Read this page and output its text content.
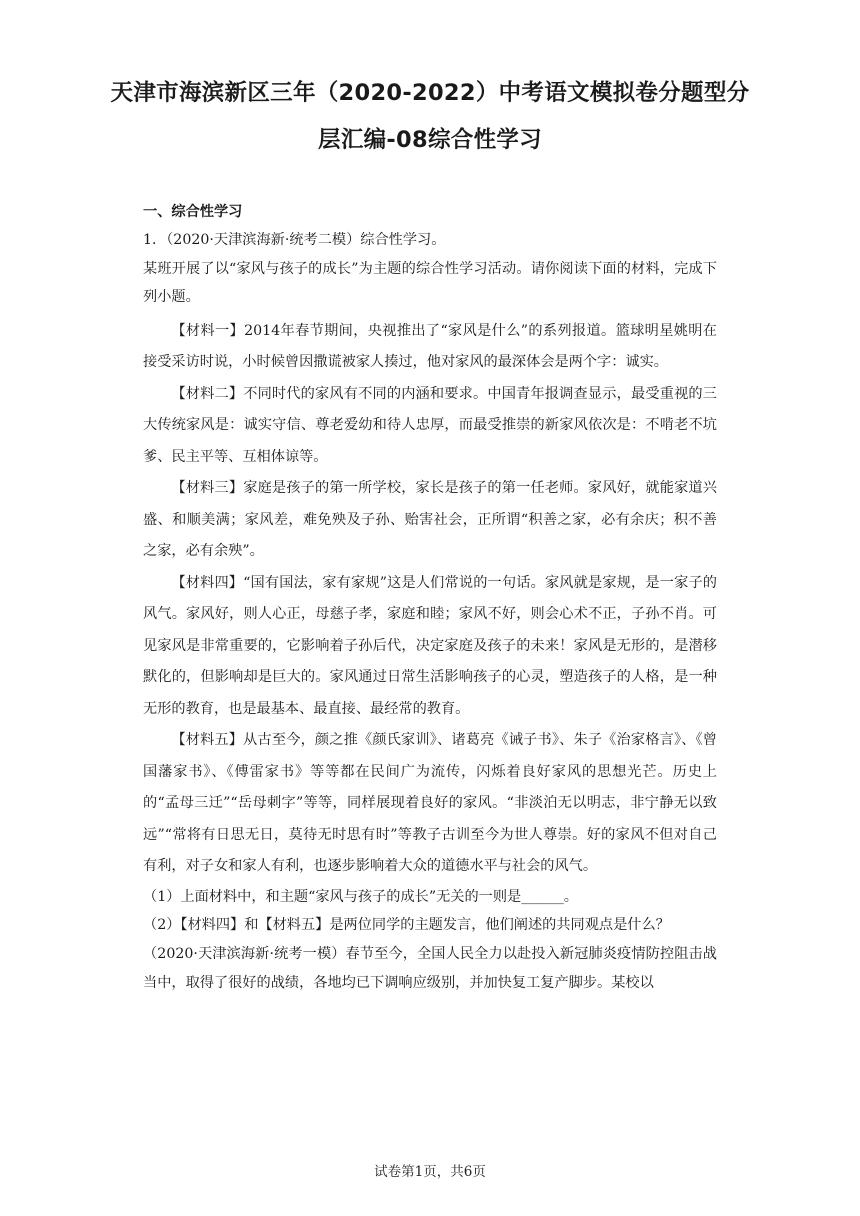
天津市海滨新区三年（2020-2022）中考语文模拟卷分题型分层汇编-08综合性学习

一、综合性学习

1．（2020·天津滨海新·统考二模）综合性学习。

某班开展了以“家风与孩子的成长”为主题的综合性学习活动。请你阅读下面的材料，完成下列小题。

【材料一】2014年春节期间，央视推出了“家风是什么”的系列报道。篮球明星姚明在接受采访时说，小时候曾因撒谎被家人揍过，他对家风的最深体会是两个字：诚实。

【材料二】不同时代的家风有不同的内涵和要求。中国青年报调查显示，最受重视的三大传统家风是：诚实守信、尊老爱幼和待人忠厚，而最受推崇的新家风依次是：不啃老不坑爹、民主平等、互相体谅等。

【材料三】家庭是孩子的第一所学校，家长是孩子的第一任老师。家风好，就能家道兴盛、和顺美满；家风差，难免殃及子孙、贻害社会，正所谓“积善之家，必有余庆；积不善之家，必有余殃”。

【材料四】“国有国法，家有家规”这是人们常说的一句话。家风就是家规，是一家子的风气。家风好，则人心正，母慈子孝，家庭和睦；家风不好，则会心术不正，子孙不肖。可见家风是非常重要的，它影响着子孙后代，决定家庭及孩子的未来！家风是无形的，是潜移默化的，但影响却是巨大的。家风通过日常生活影响孩子的心灵，塑造孩子的人格，是一种无形的教育，也是最基本、最直接、最经常的教育。

【材料五】从古至今，颜之推《颜氏家训》、诸葛亮《诫子书》、朱子《治家格言》、《曾国藩家书》、《傅雷家书》等等都在民间广为流传，闪烁着良好家风的思想光芒。历史上的“孟母三迁”“岳母刺字”等等，同样展现着良好的家风。“非淡泊无以明志，非宁静无以致远”“常将有日思无日，莫待无时思有时”等教子古训至今为世人尊崇。好的家风不但对自己有利，对子女和家人有利，也逐步影响着大众的道德水平与社会的风气。

（1）上面材料中，和主题“家风与孩子的成长”无关的一则是______。

（2）【材料四】和【材料五】是两位同学的主题发言，他们阐述的共同观点是什么？

（2020·天津滨海新·统考一模）春节至今，全国人民全力以赴投入新冠肺炎疫情防控阻击战当中，取得了很好的战绩，各地均已下调响应级别，并加快复工复产脚步。某校以

试卷第1页，共6页
